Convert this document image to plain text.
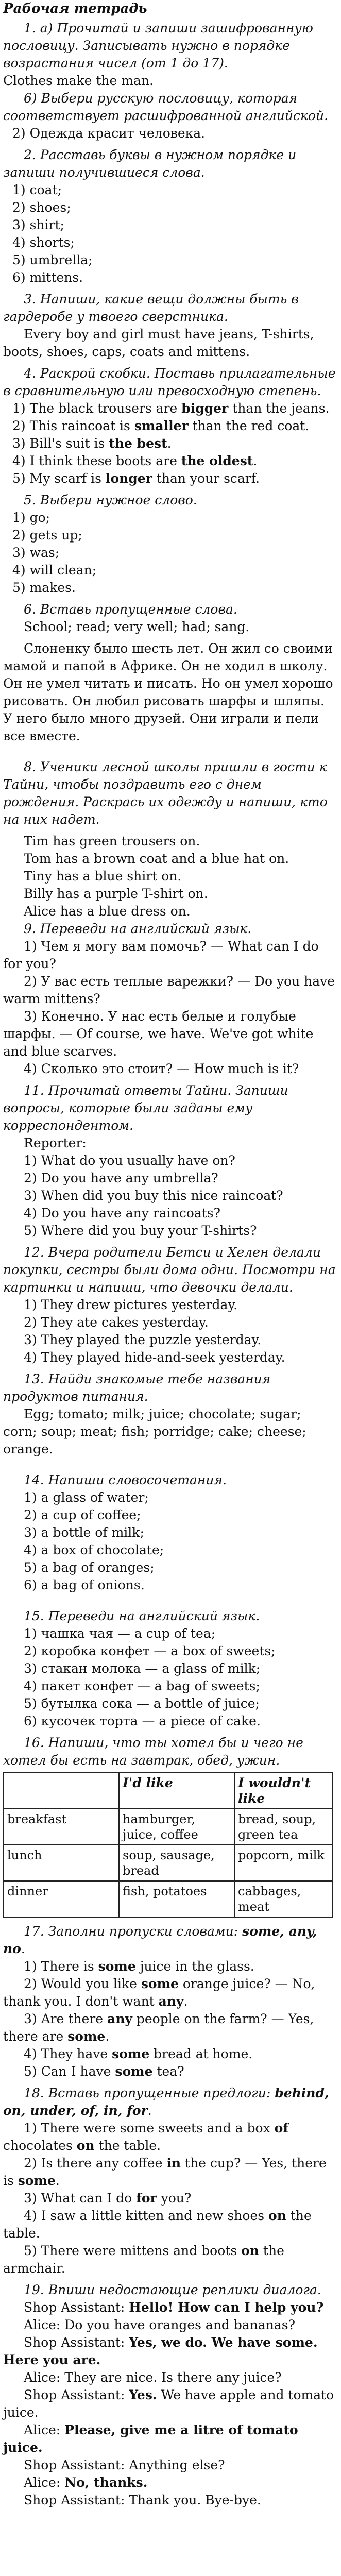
Рабочая тетрадь

1. а) Прочитай и запиши зашифрованную пословицу. Записывать нужно в порядке возрастания чисел (от 1 до 17).

Clothes make the man.

6) Выбери русскую пословицу, которая соответствует расшифрованной английской.

2) Одежда красит человека.

2. Расставь буквы в нужном порядке и запиши получившиеся слова.

1) coat;

2) shoes;

3) shirt;

4) shorts;

5) umbrella;

6) mittens.

3. Напиши, какие вещи должны быть в гардеробе у твоего сверстника.

Every boy and girl must have jeans, T-shirts, boots, shoes, caps, coats and mittens.

4. Раскрой скобки. Поставь прилагательные в сравнительную или превосходную степень.

1) The black trousers are bigger than the jeans.

2) This raincoat is smaller than the red coat.

3) Bill's suit is the best.

4) I think these boots are the oldest.

5) My scarf is longer than your scarf.

5. Выбери нужное слово.

1) go;

2) gets up;

3) was;

4) will clean;

5) makes.

6. Вставь пропущенные слова.

School; read; very well; had; sang.

Слоненку было шесть лет. Он жил со своими мамой и папой в Африке. Он не ходил в школу. Он не умел читать и писать. Но он умел хорошо рисовать. Он любил рисовать шарфы и шляпы. У него было много друзей. Они играли и пели все вместе.

8. Ученики лесной школы пришли в гости к Тайни, чтобы поздравить его с днем рождения. Раскрась их одежду и напиши, кто на них надет.

Tim has green trousers on.

Tom has a brown coat and a blue hat on.

Tiny has a blue shirt on.

Billy has a purple T-shirt on.

Alice has a blue dress on.

9. Переведи на английский язык.

1) Чем я могу вам помочь? — What can I do for you?

2) У вас есть теплые варежки? — Do you have warm mittens?

3) Конечно. У нас есть белые и голубые шарфы. — Of course, we have. We've got white and blue scarves.

4) Сколько это стоит? — How much is it?

11. Прочитай ответы Тайни. Запиши вопросы, которые были заданы ему корреспондентом.

Reporter:

1) What do you usually have on?

2) Do you have any umbrella?

3) When did you buy this nice raincoat?

4) Do you have any raincoats?

5) Where did you buy your T-shirts?

12. Вчера родители Бетси и Хелен делали покупки, сестры были дома одни. Посмотри на картинки и напиши, что девочки делали.

1) They drew pictures yesterday.

2) They ate cakes yesterday.

3) They played the puzzle yesterday.

4) They played hide-and-seek yesterday.

13. Найди знакомые тебе названия продуктов питания.

Egg; tomato; milk; juice; chocolate; sugar; corn; soup; meat; fish; porridge; cake; cheese; orange.

14. Напиши словосочетания.

1) a glass of water;

2) a cup of coffee;

3) a bottle of milk;

4) a box of chocolate;

5) a bag of oranges;

6) a bag of onions.

15. Переведи на английский язык.

1) чашка чая — a cup of tea;

2) коробка конфет — a box of sweets;

3) стакан молока — a glass of milk;

4) пакет конфет — a bag of sweets;

5) бутылка сока — a bottle of juice;

6) кусочек торта — a piece of cake.

16. Напиши, что ты хотел бы и чего не хотел бы есть на завтрак, обед, ужин.

	I'd like	I wouldn't like
breakfast	hamburger, juice, coffee	bread, soup, green tea
lunch	soup, sausage, bread	popcorn, milk
dinner	fish, potatoes	cabbages, meat

17. Заполни пропуски словами: some, any, no.

1) There is some juice in the glass.

2) Would you like some orange juice? — No, thank you. I don't want any.

3) Are there any people on the farm? — Yes, there are some.

4) They have some bread at home.

5) Can I have some tea?

18. Вставь пропущенные предлоги: behind, on, under, of, in, for.

1) There were some sweets and a box of chocolates on the table.

2) Is there any coffee in the cup? — Yes, there is some.

3) What can I do for you?

4) I saw a little kitten and new shoes on the table.

5) There were mittens and boots on the armchair.

19. Впиши недостающие реплики диалога.

Shop Assistant: Hello! How can I help you?

Alice: Do you have oranges and bananas?

Shop Assistant: Yes, we do. We have some. Here you are.

Alice: They are nice. Is there any juice?

Shop Assistant: Yes. We have apple and tomato juice.

Alice: Please, give me a litre of tomato juice.

Shop Assistant: Anything else?

Alice: No, thanks.

Shop Assistant: Thank you. Bye-bye.
